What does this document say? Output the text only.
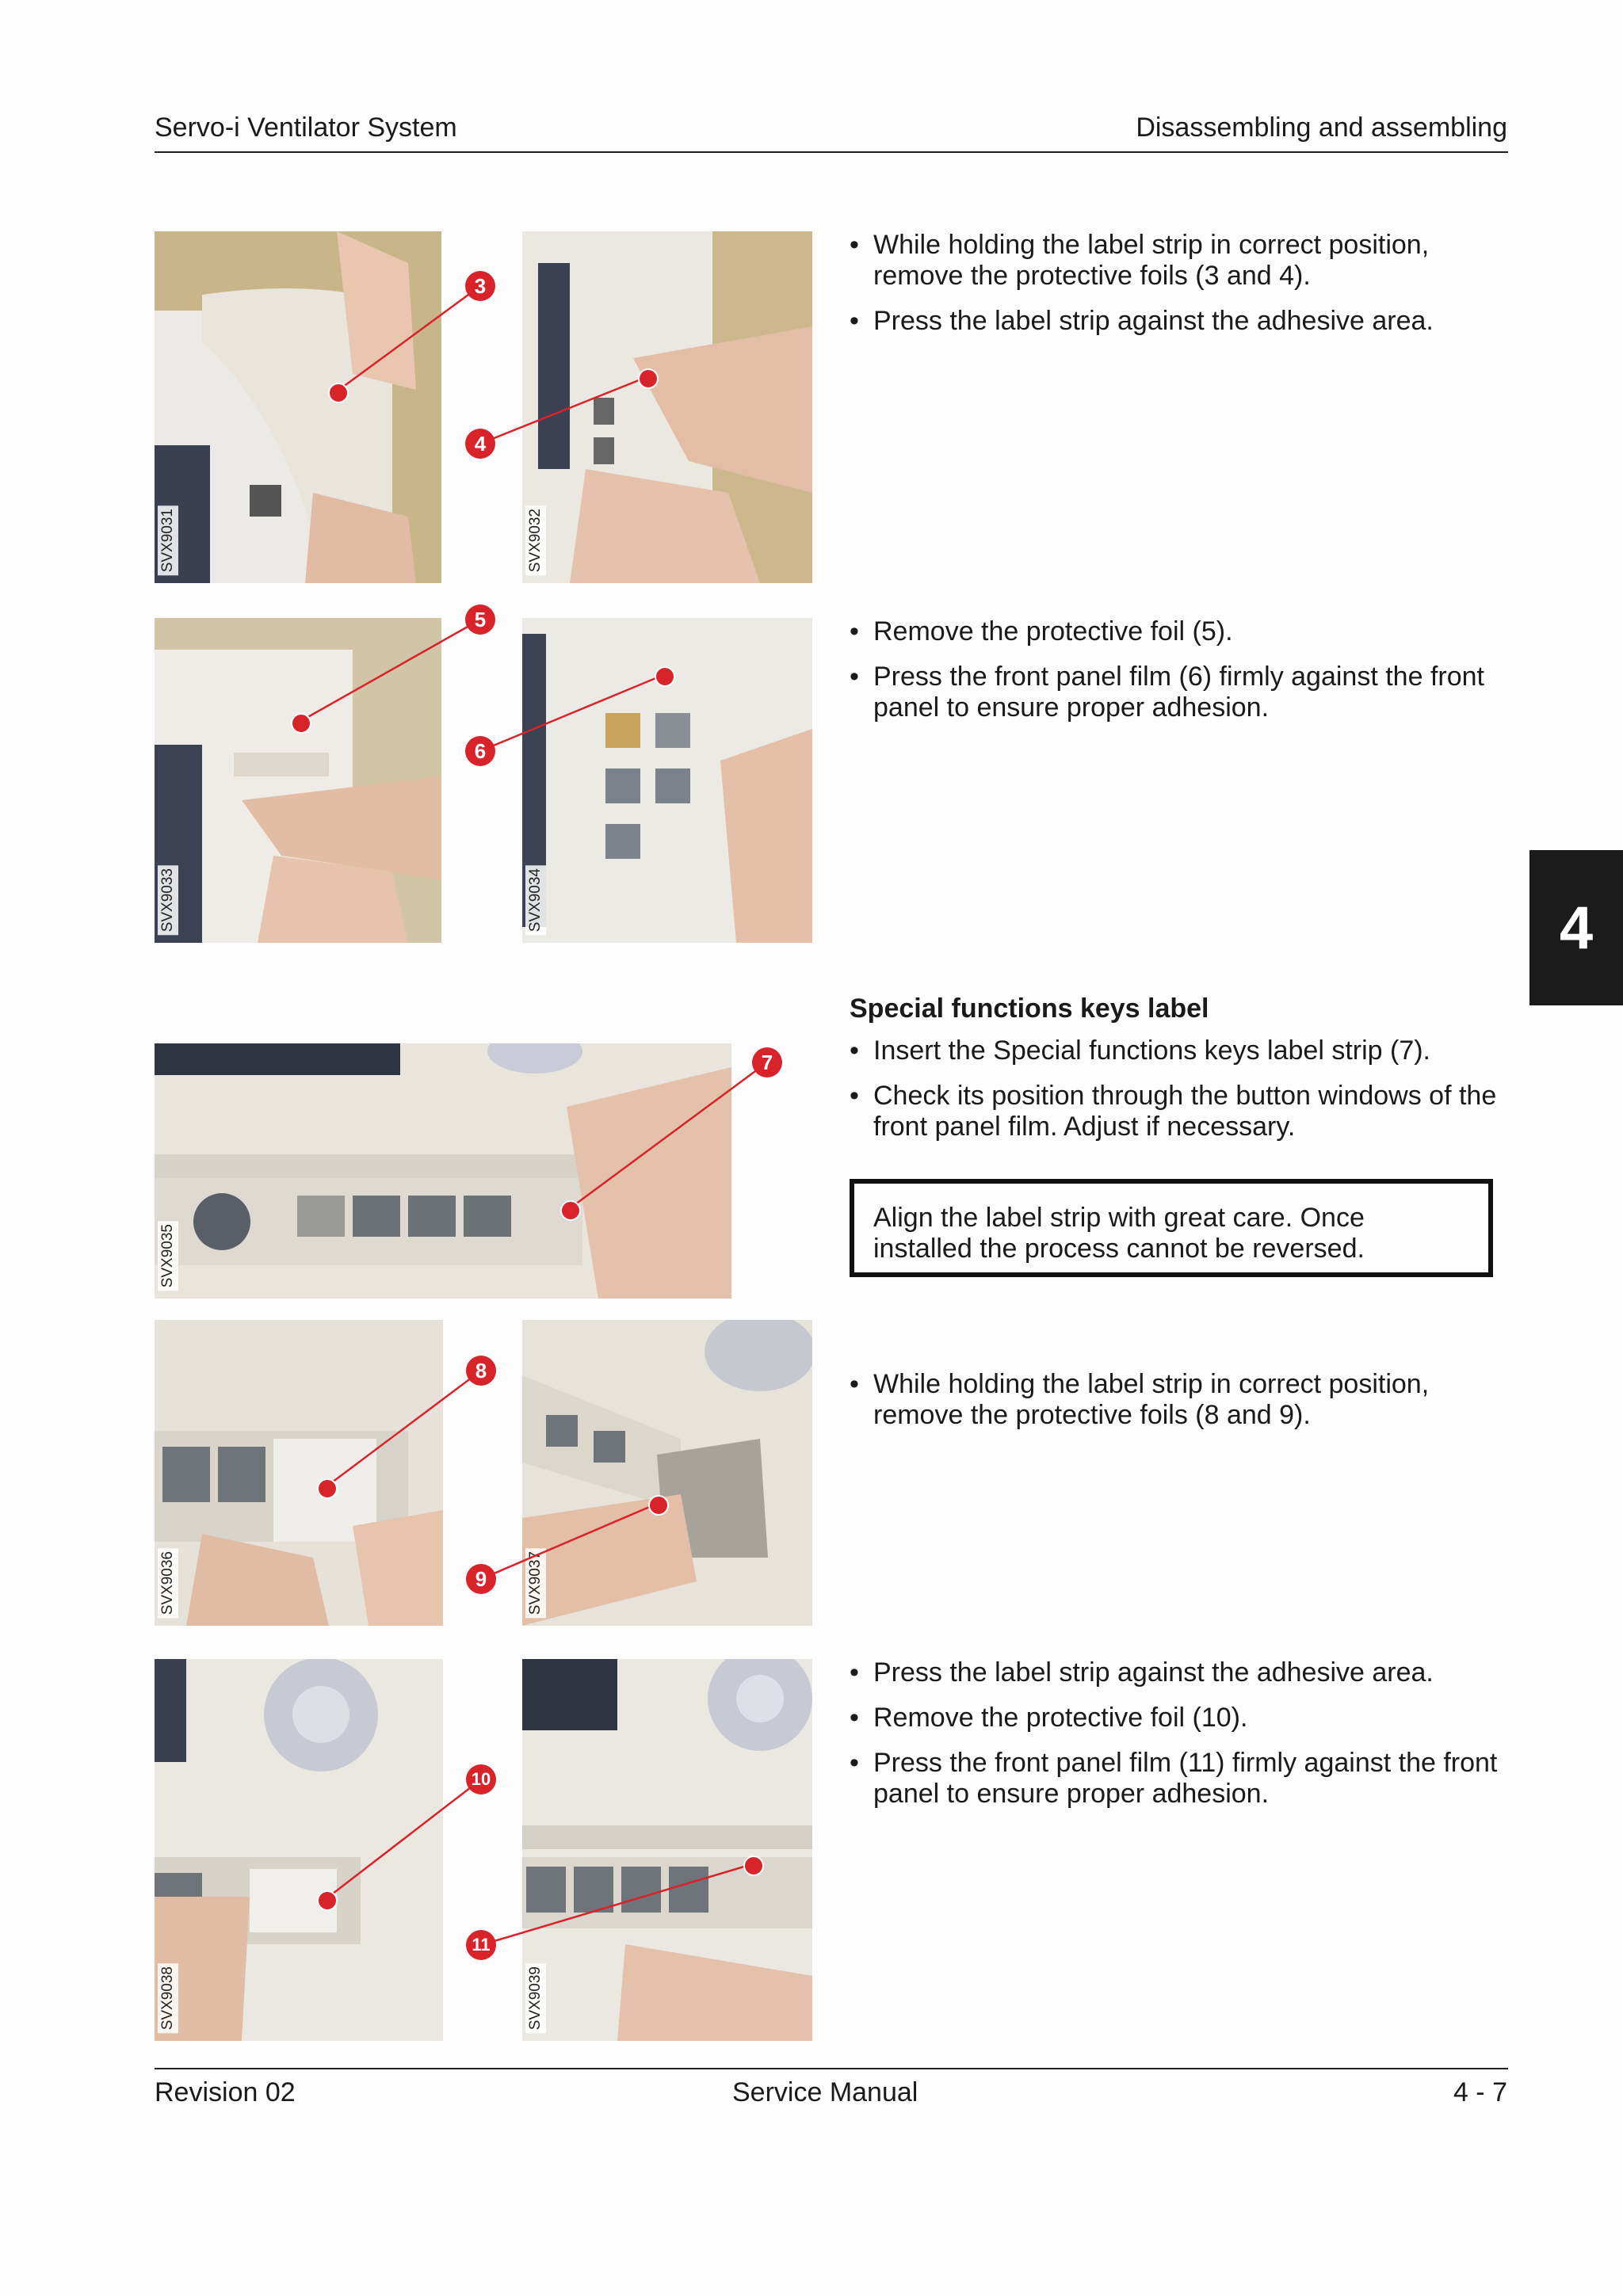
Servo-i Ventilator System	Disassembling and assembling
SVX9031	SVX9032
SVX9033	SVX9034
SVX9035
SVX9036	SVX9037
SVX9038	SVX9039
3
4
5
6
7
8
9
10
11
• While holding the label strip in correct position, remove the protective foils (3 and 4).
• Press the label strip against the adhesive area.
• Remove the protective foil (5).
• Press the front panel film (6) firmly against the front panel to ensure proper adhesion.
Special functions keys label
• Insert the Special functions keys label strip (7).
• Check its position through the button windows of the front panel film. Adjust if necessary.
Align the label strip with great care. Once installed the process cannot be reversed.
• While holding the label strip in correct position, remove the protective foils (8 and 9).
• Press the label strip against the adhesive area.
• Remove the protective foil (10).
• Press the front panel film (11) firmly against the front panel to ensure proper adhesion.
4
Revision 02	Service Manual	4 - 7
